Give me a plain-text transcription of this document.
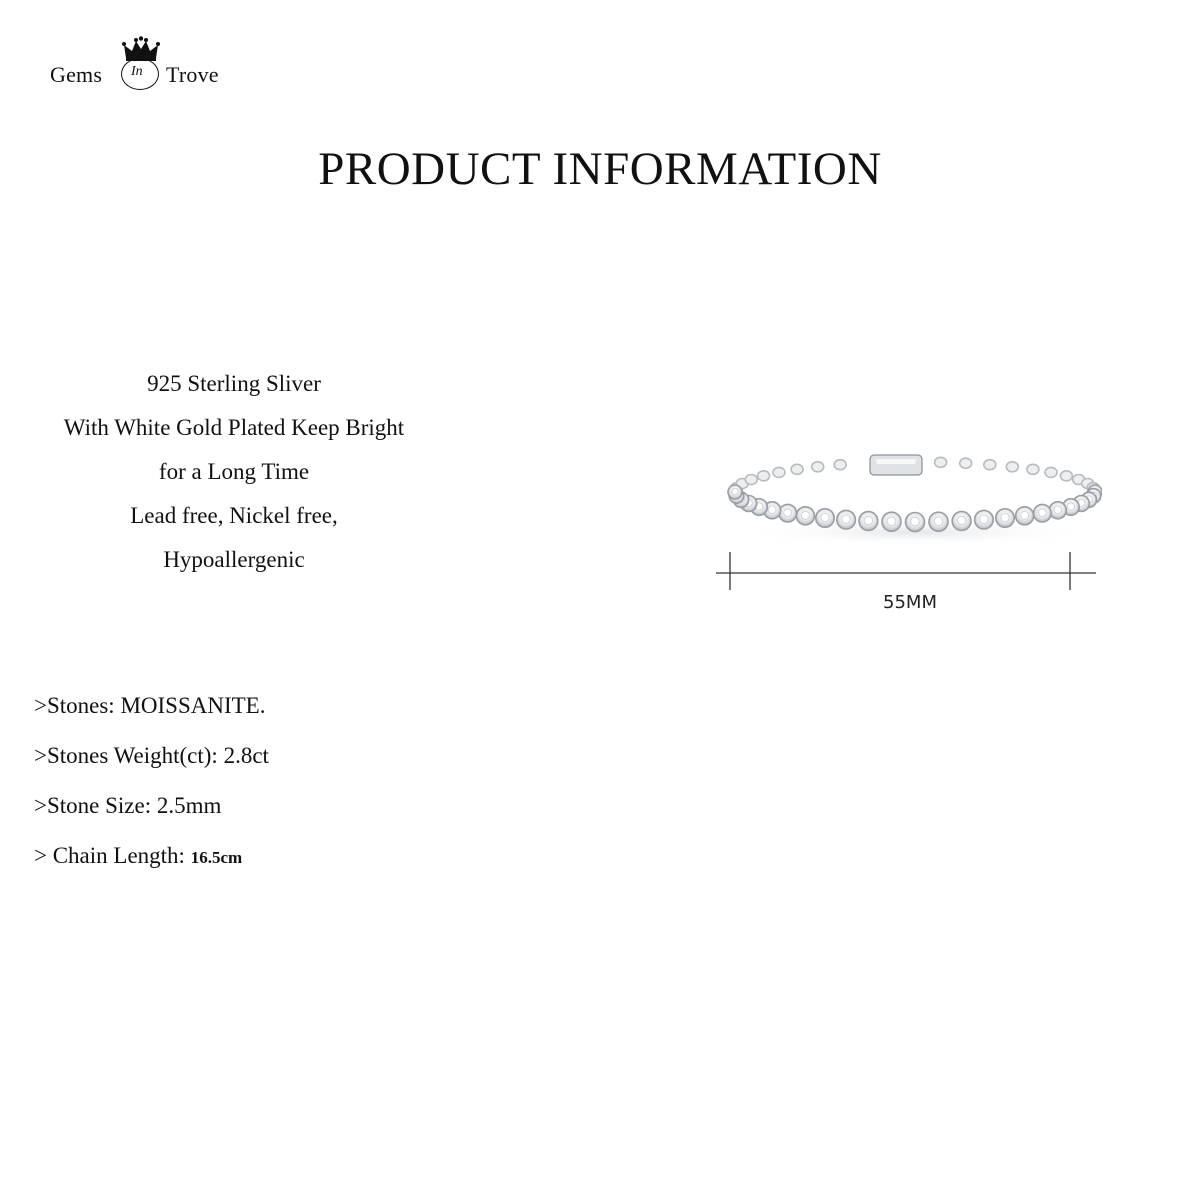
Gems In Trove
PRODUCT INFORMATION
925 Sterling Sliver
With White Gold Plated Keep Bright
for a Long Time
Lead free, Nickel free,
Hypoallergenic
>Stones: MOISSANITE.
>Stones Weight(ct): 2.8ct
>Stone Size: 2.5mm
> Chain Length: 16.5cm
55MM
